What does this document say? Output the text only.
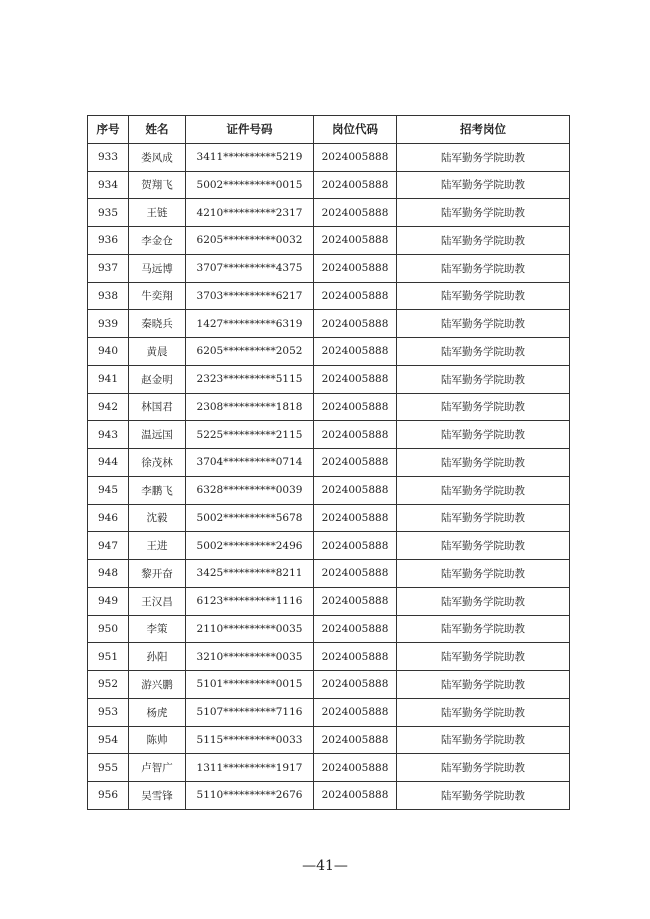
序号	姓名	证件号码	岗位代码	招考岗位
933	娄风成	3411**********5219	2024005888	陆军勤务学院助教
934	贺翔飞	5002**********0015	2024005888	陆军勤务学院助教
935	王链	4210**********2317	2024005888	陆军勤务学院助教
936	李金仓	6205**********0032	2024005888	陆军勤务学院助教
937	马远博	3707**********4375	2024005888	陆军勤务学院助教
938	牛奕翔	3703**********6217	2024005888	陆军勤务学院助教
939	秦晓兵	1427**********6319	2024005888	陆军勤务学院助教
940	黄晨	6205**********2052	2024005888	陆军勤务学院助教
941	赵金明	2323**********5115	2024005888	陆军勤务学院助教
942	林国君	2308**********1818	2024005888	陆军勤务学院助教
943	温远国	5225**********2115	2024005888	陆军勤务学院助教
944	徐茂林	3704**********0714	2024005888	陆军勤务学院助教
945	李鹏飞	6328**********0039	2024005888	陆军勤务学院助教
946	沈毅	5002**********5678	2024005888	陆军勤务学院助教
947	王进	5002**********2496	2024005888	陆军勤务学院助教
948	黎开奋	3425**********8211	2024005888	陆军勤务学院助教
949	王汉昌	6123**********1116	2024005888	陆军勤务学院助教
950	李策	2110**********0035	2024005888	陆军勤务学院助教
951	孙阳	3210**********0035	2024005888	陆军勤务学院助教
952	游兴鹏	5101**********0015	2024005888	陆军勤务学院助教
953	杨虎	5107**********7116	2024005888	陆军勤务学院助教
954	陈帅	5115**********0033	2024005888	陆军勤务学院助教
955	卢智广	1311**********1917	2024005888	陆军勤务学院助教
956	吴雪锋	5110**********2676	2024005888	陆军勤务学院助教
—41—
